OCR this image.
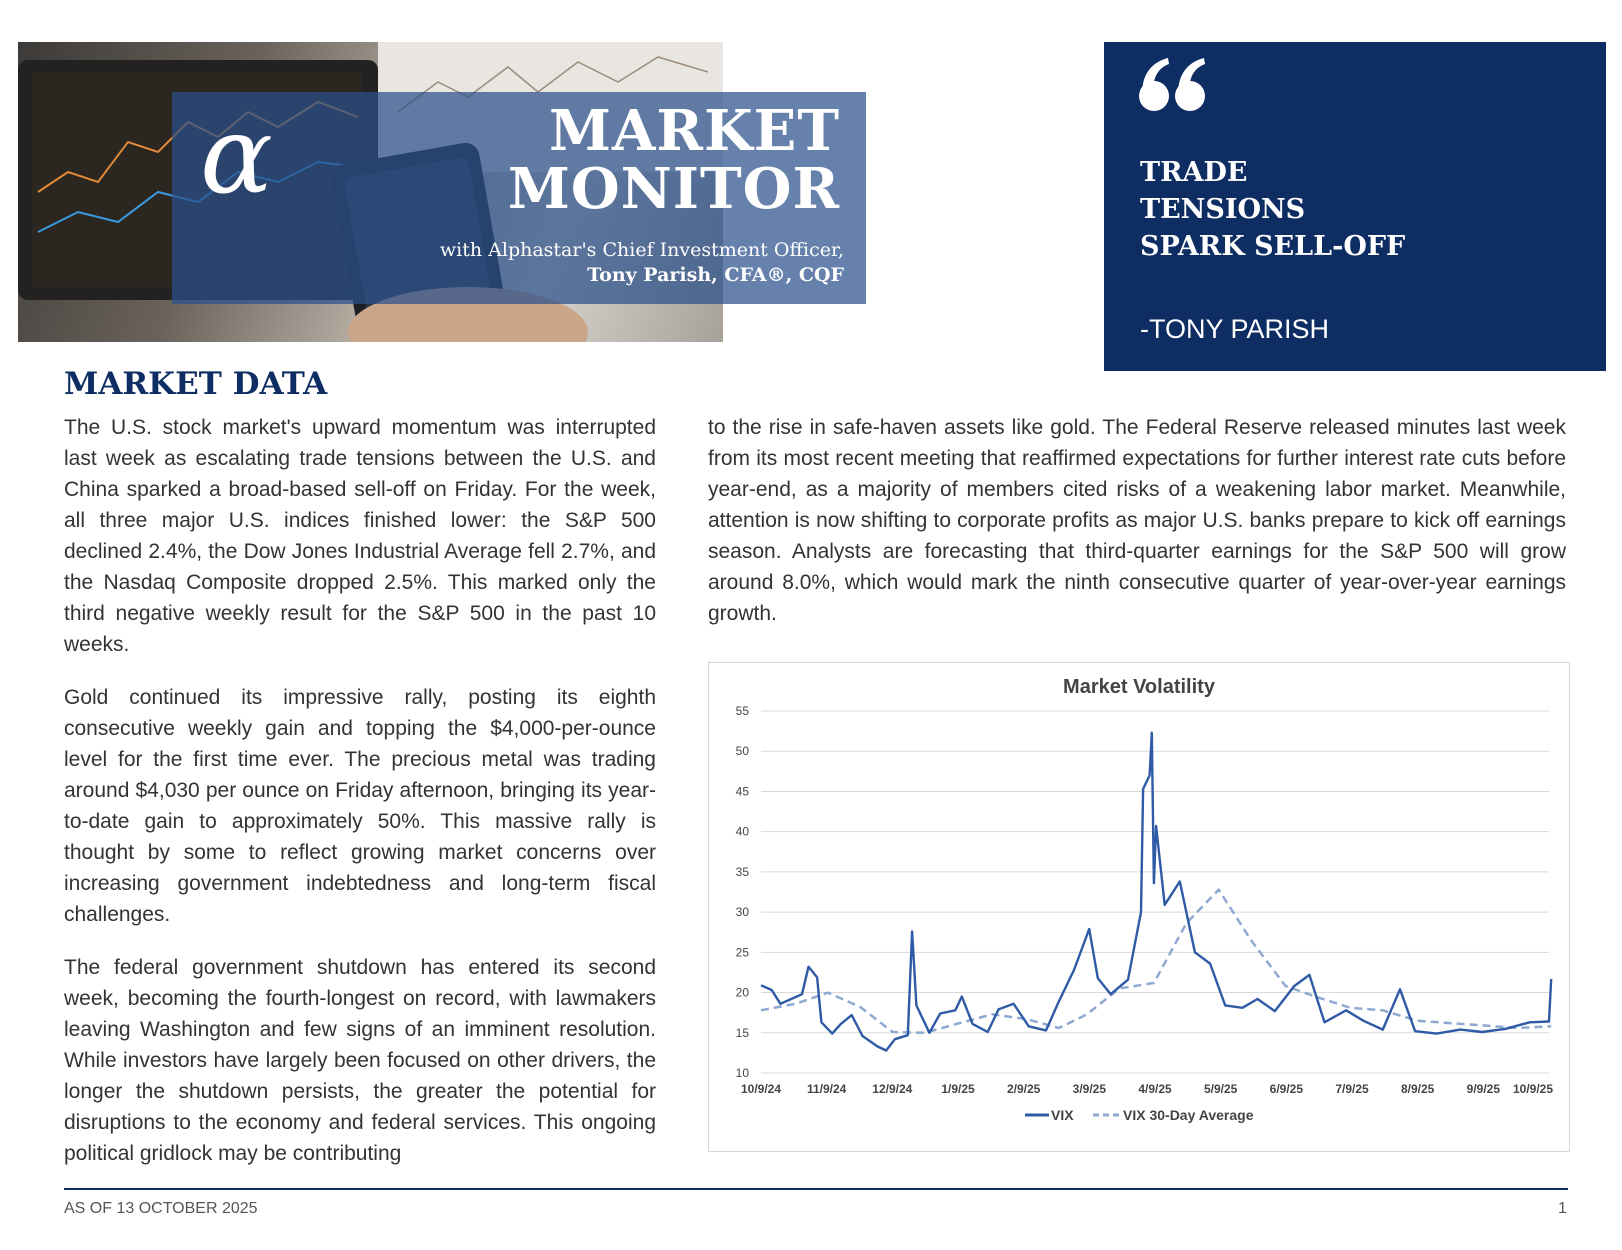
α	MARKET
MONITOR
with Alphastar's Chief Investment Officer,
Tony Parish, CFA®, CQF
TRADE
TENSIONS
SPARK SELL-OFF
-TONY PARISH
MARKET DATA

The U.S. stock market's upward momentum was interrupted last week as escalating trade tensions between the U.S. and China sparked a broad-based sell-off on Friday. For the week, all three major U.S. indices finished lower: the S&P 500 declined 2.4%, the Dow Jones Industrial Average fell 2.7%, and the Nasdaq Composite dropped 2.5%. This marked only the third negative weekly result for the S&P 500 in the past 10 weeks.

Gold continued its impressive rally, posting its eighth consecutive weekly gain and topping the $4,000-per-ounce level for the first time ever. The precious metal was trading around $4,030 per ounce on Friday afternoon, bringing its year-to-date gain to approximately 50%. This massive rally is thought by some to reflect growing market concerns over increasing government indebtedness and long-term fiscal challenges.

The federal government shutdown has entered its second week, becoming the fourth-longest on record, with lawmakers leaving Washington and few signs of an imminent resolution. While investors have largely been focused on other drivers, the longer the shutdown persists, the greater the potential for disruptions to the economy and federal services. This ongoing political gridlock may be contributing

to the rise in safe-haven assets like gold. The Federal Reserve released minutes last week from its most recent meeting that reaffirmed expectations for further interest rate cuts before year-end, as a majority of members cited risks of a weakening labor market. Meanwhile, attention is now shifting to corporate profits as major U.S. banks prepare to kick off earnings season. Analysts are forecasting that third-quarter earnings for the S&P 500 will grow around 8.0%, which would mark the ninth consecutive quarter of year-over-year earnings growth.

Market Volatility
10
15
20
25
30
35
40
45
50
55
10/9/24 11/9/24 12/9/24 1/9/25	2/9/25	3/9/25	4/9/25	5/9/25	6/9/25	7/9/25	8/9/25	9/9/25 10/9/25
VIX	VIX 30-Day Average
AS OF 13 OCTOBER 2025	1
